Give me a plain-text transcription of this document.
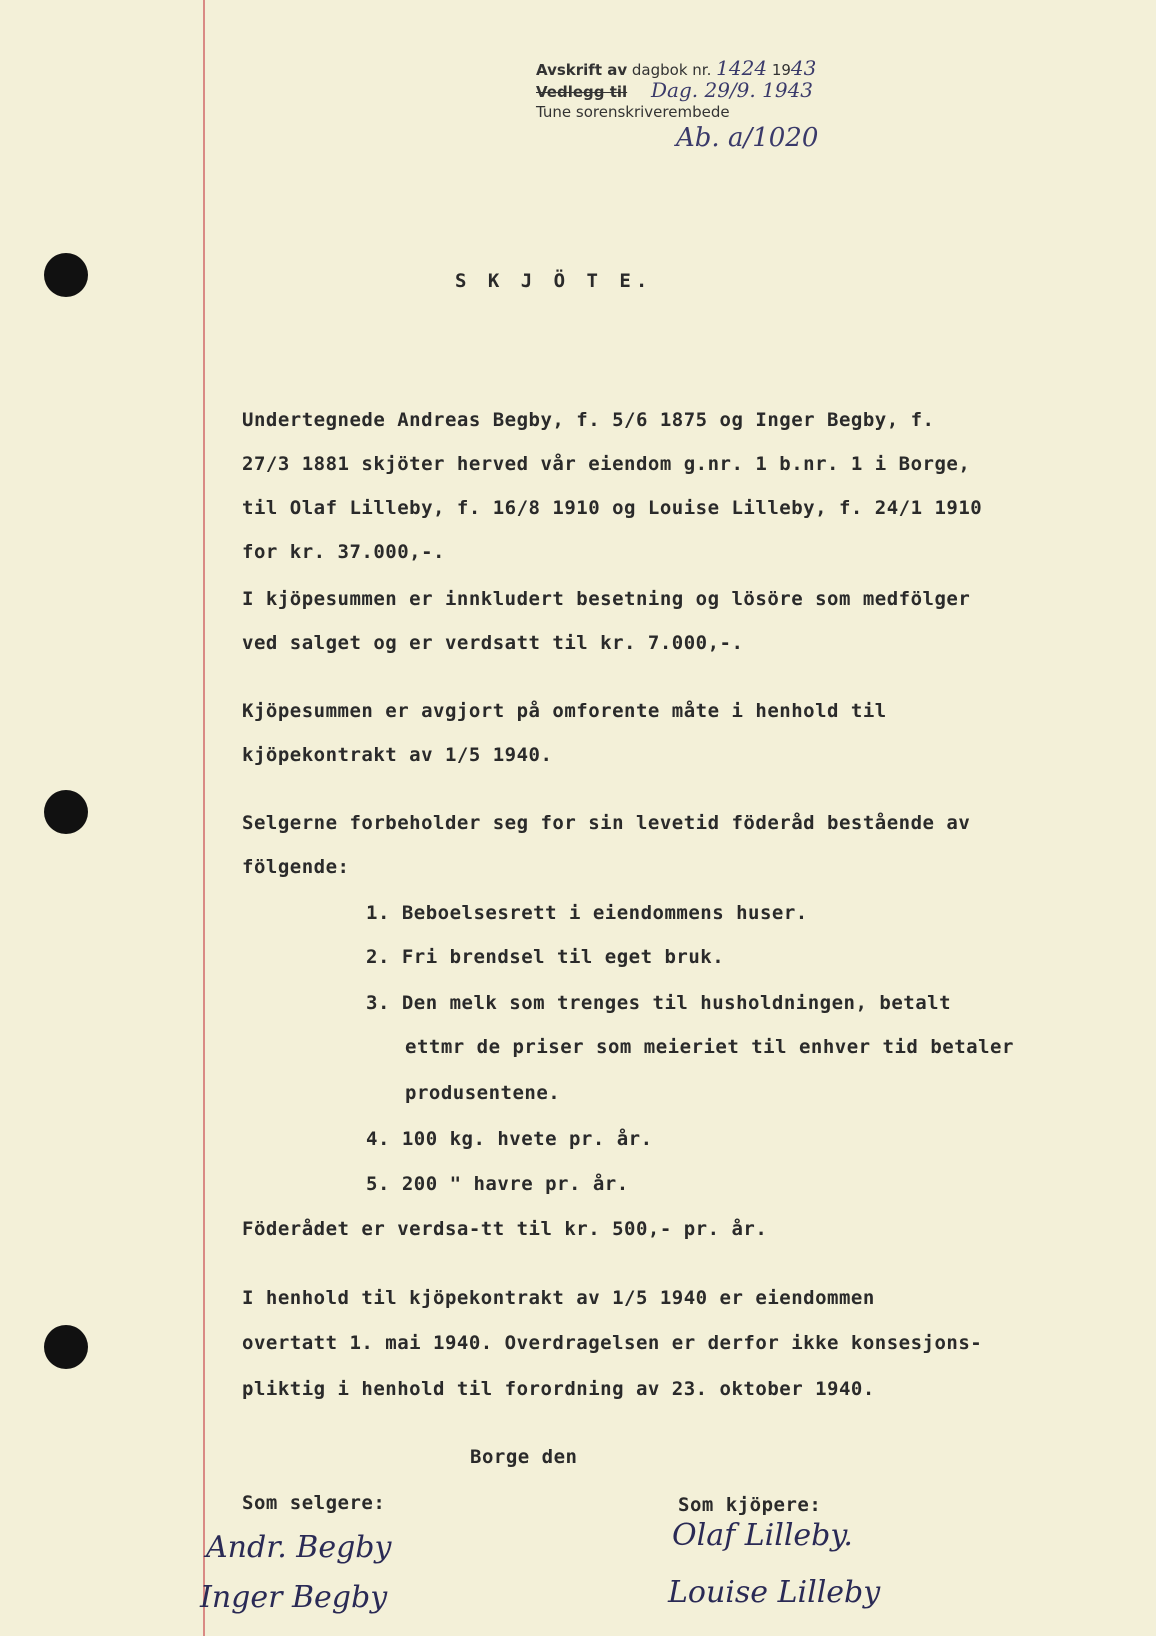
Avskrift av dagbok nr. 1424 1943
Vedlegg til Dag. 29/9. 1943
Tune sorenskriverembede
Ab. a/1020
S K J Ö T E.
Undertegnede Andreas Begby, f. 5/6 1875 og Inger Begby, f.
27/3 1881 skjöter herved vår eiendom g.nr. 1 b.nr. 1 i Borge,
til Olaf Lilleby, f. 16/8 1910 og Louise Lilleby, f. 24/1 1910
for kr. 37.000,-.
I kjöpesummen er innkludert besetning og lösöre som medfölger
ved salget og er verdsatt til kr. 7.000,-.
Kjöpesummen er avgjort på omforente måte i henhold til
kjöpekontrakt av 1/5 1940.
Selgerne forbeholder seg for sin levetid föderåd bestående av
fölgende:
1. Beboelsesrett i eiendommens huser.
2. Fri brendsel til eget bruk.
3. Den melk som trenges til husholdningen, betalt
ettmr de priser som meieriet til enhver tid betaler
produsentene.
4. 100 kg. hvete pr. år.
5. 200 " havre pr. år.
Föderådet er verdsa-tt til kr. 500,- pr. år.
I henhold til kjöpekontrakt av 1/5 1940 er eiendommen
overtatt 1. mai 1940. Overdragelsen er derfor ikke konsesjons-
pliktig i henhold til forordning av 23. oktober 1940.
Borge den
Som selgere:	Som kjöpere:
Andr. Begby
Inger Begby
Olaf Lilleby.
Louise Lilleby
